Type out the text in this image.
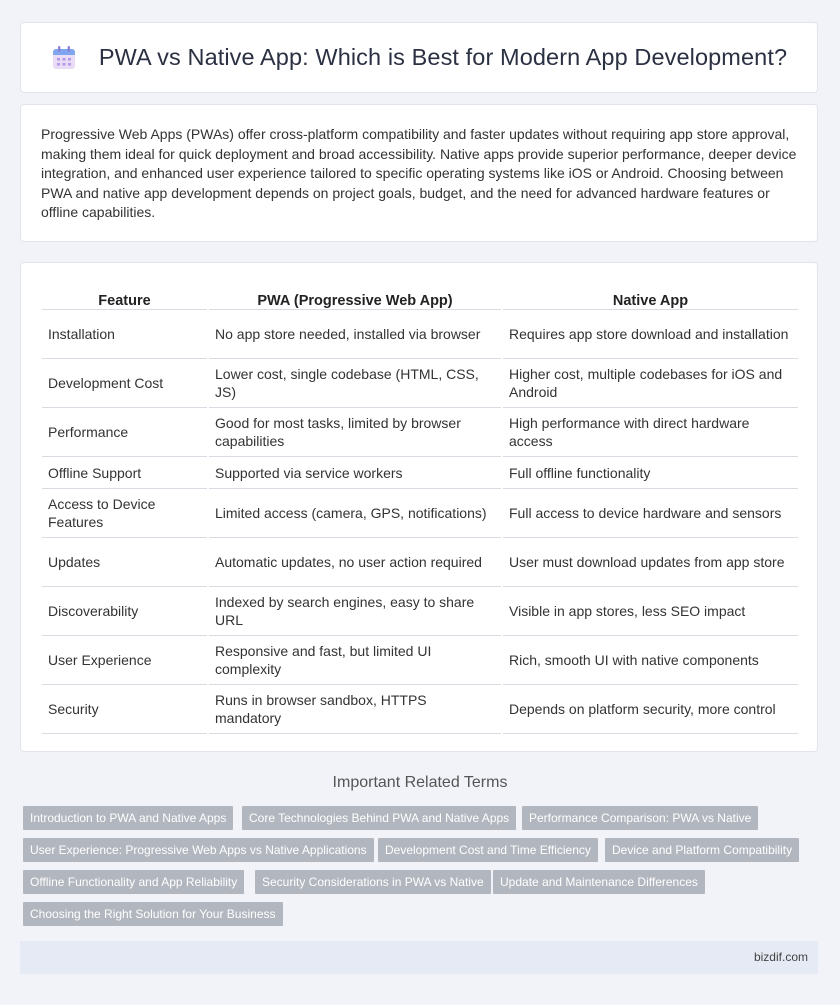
PWA vs Native App: Which is Best for Modern App Development?

Progressive Web Apps (PWAs) offer cross-platform compatibility and faster updates without requiring app store approval, making them ideal for quick deployment and broad accessibility. Native apps provide superior performance, deeper device integration, and enhanced user experience tailored to specific operating systems like iOS or Android. Choosing between PWA and native app development depends on project goals, budget, and the need for advanced hardware features or offline capabilities.

Feature	PWA (Progressive Web App)	Native App
Installation	No app store needed, installed via browser	Requires app store download and installation
Development Cost	Lower cost, single codebase (HTML, CSS, JS)	Higher cost, multiple codebases for iOS and Android
Performance	Good for most tasks, limited by browser capabilities	High performance with direct hardware access
Offline Support	Supported via service workers	Full offline functionality
Access to Device Features	Limited access (camera, GPS, notifications)	Full access to device hardware and sensors
Updates	Automatic updates, no user action required	User must download updates from app store
Discoverability	Indexed by search engines, easy to share URL	Visible in app stores, less SEO impact
User Experience	Responsive and fast, but limited UI complexity	Rich, smooth UI with native components
Security	Runs in browser sandbox, HTTPS mandatory	Depends on platform security, more control
Important Related Terms
Introduction to PWA and Native Apps	Core Technologies Behind PWA and Native Apps	Performance Comparison: PWA vs Native
User Experience: Progressive Web Apps vs Native Applications	Development Cost and Time Efficiency	Device and Platform Compatibility
Offline Functionality and App Reliability	Security Considerations in PWA vs Native	Update and Maintenance Differences
Choosing the Right Solution for Your Business
bizdif.com
